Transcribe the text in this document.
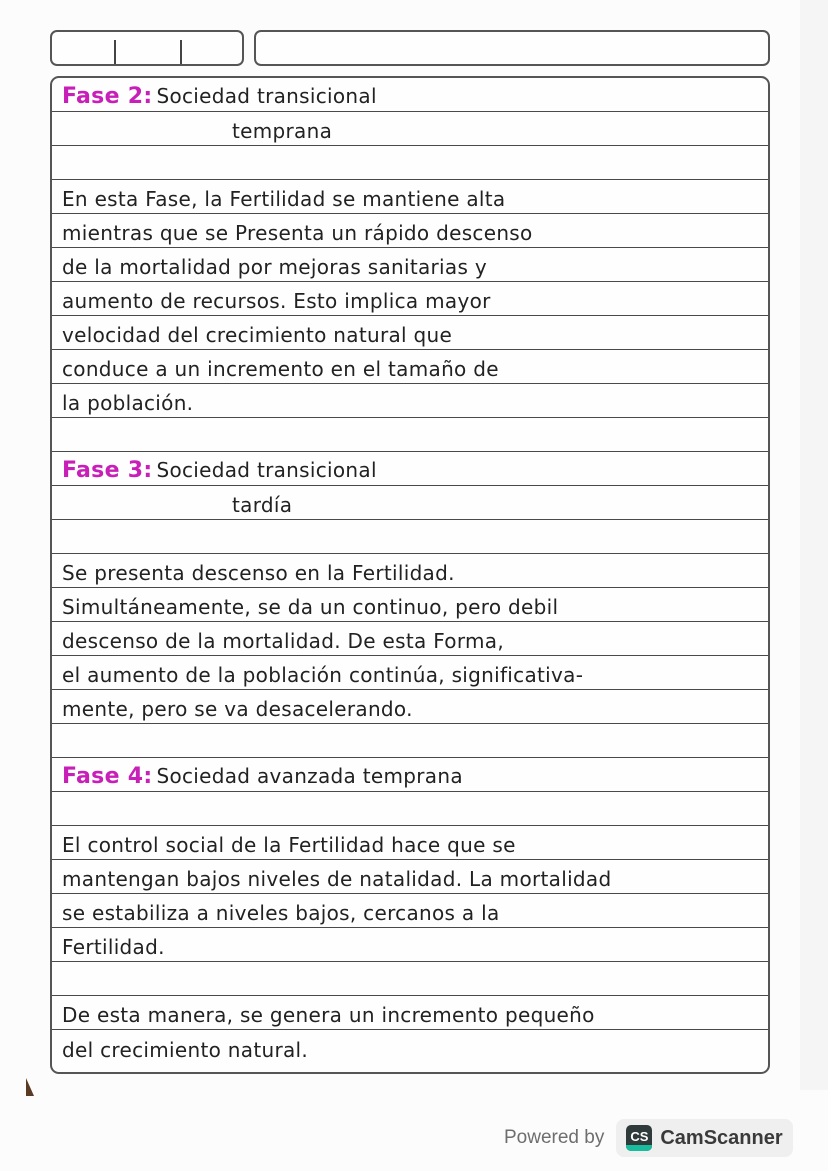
Fase 2: Sociedad transicional
temprana
En esta Fase, la Fertilidad se mantiene alta
mientras que se Presenta un rápido descenso
de la mortalidad por mejoras sanitarias y
aumento de recursos. Esto implica mayor
velocidad del crecimiento natural que
conduce a un incremento en el tamaño de
la población.
Fase 3: Sociedad transicional
tardía
Se presenta descenso en la Fertilidad.
Simultáneamente, se da un continuo, pero debil
descenso de la mortalidad. De esta Forma,
el aumento de la población continúa, significativa-
mente, pero se va desacelerando.
Fase 4: Sociedad avanzada temprana
El control social de la Fertilidad hace que se
mantengan bajos niveles de natalidad. La mortalidad
se estabiliza a niveles bajos, cercanos a la
Fertilidad.
De esta manera, se genera un incremento pequeño
del crecimiento natural.
Powered by CS CamScanner
